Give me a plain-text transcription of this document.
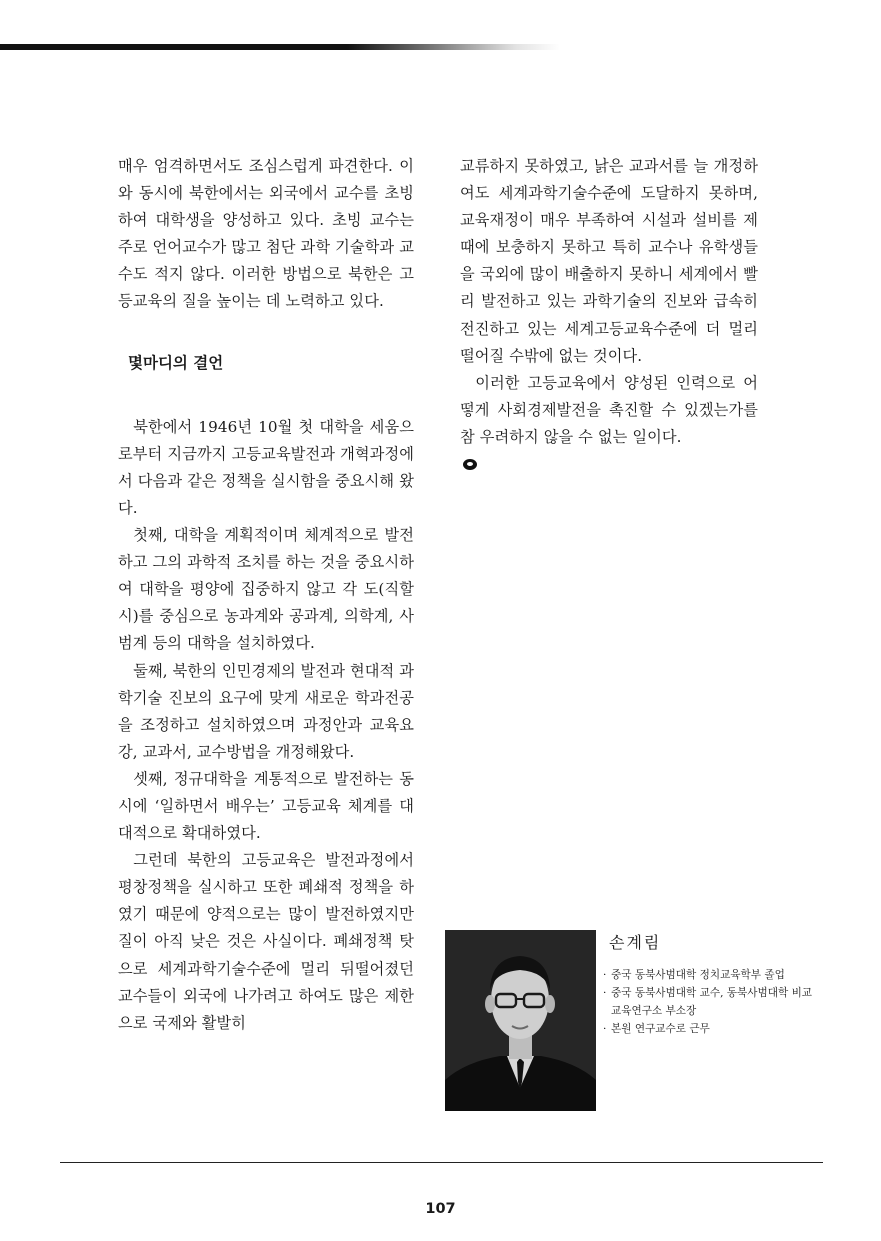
매우 엄격하면서도 조심스럽게 파견한다. 이와 동시에 북한에서는 외국에서 교수를 초빙하여 대학생을 양성하고 있다. 초빙 교수는 주로 언어교수가 많고 첨단 과학 기술학과 교수도 적지 않다. 이러한 방법으로 북한은 고등교육의 질을 높이는 데 노력하고 있다.

몇마디의 결언

북한에서 1946년 10월 첫 대학을 세움으로부터 지금까지 고등교육발전과 개혁과정에서 다음과 같은 정책을 실시함을 중요시해 왔다.

첫째, 대학을 계획적이며 체계적으로 발전하고 그의 과학적 조치를 하는 것을 중요시하여 대학을 평양에 집중하지 않고 각 도(직할시)를 중심으로 농과계와 공과계, 의학계, 사범계 등의 대학을 설치하였다.

둘째, 북한의 인민경제의 발전과 현대적 과학기술 진보의 요구에 맞게 새로운 학과전공을 조정하고 설치하였으며 과정안과 교육요강, 교과서, 교수방법을 개정해왔다.

셋째, 정규대학을 계통적으로 발전하는 동시에 ‘일하면서 배우는’ 고등교육 체계를 대대적으로 확대하였다.

그런데 북한의 고등교육은 발전과정에서 평창정책을 실시하고 또한 폐쇄적 정책을 하였기 때문에 양적으로는 많이 발전하였지만 질이 아직 낮은 것은 사실이다. 폐쇄정책 탓으로 세계과학기술수준에 멀리 뒤떨어졌던 교수들이 외국에 나가려고 하여도 많은 제한으로 국제와 활발히

교류하지 못하였고, 낡은 교과서를 늘 개정하여도 세계과학기술수준에 도달하지 못하며, 교육재정이 매우 부족하여 시설과 설비를 제때에 보충하지 못하고 특히 교수나 유학생들을 국외에 많이 배출하지 못하니 세계에서 빨리 발전하고 있는 과학기술의 진보와 급속히 전진하고 있는 세계고등교육수준에 더 멀리 떨어질 수밖에 없는 것이다.

이러한 고등교육에서 양성된 인력으로 어떻게 사회경제발전을 촉진할 수 있겠는가를 참 우려하지 않을 수 없는 일이다.

손계림
· 중국 동북사범대학 정치교육학부 졸업
· 중국 동북사범대학 교수, 동북사범대학 비교교육연구소 부소장
· 본원 연구교수로 근무
107
